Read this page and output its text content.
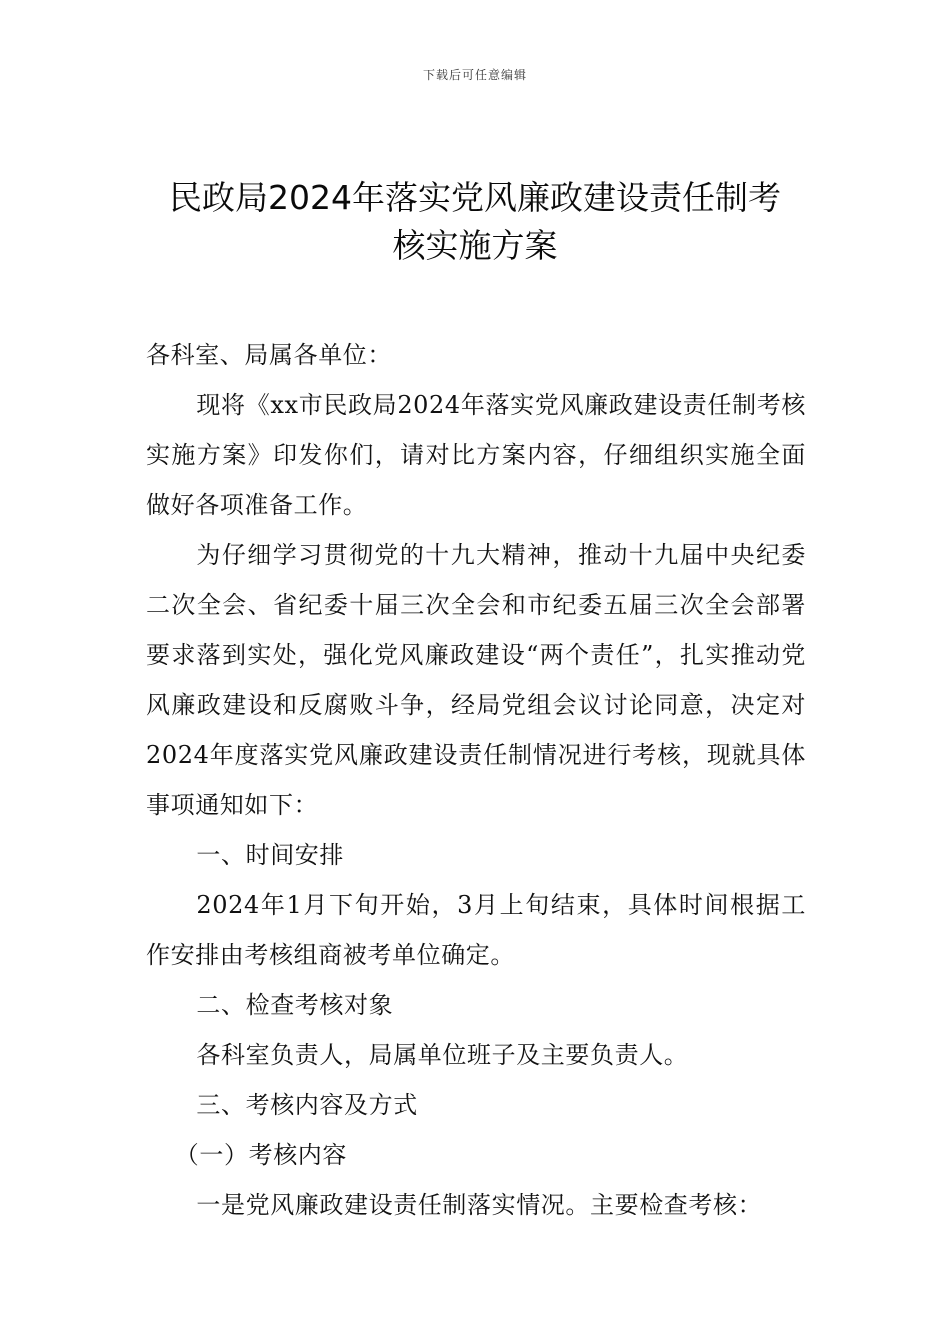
下载后可任意编辑
民政局2024年落实党风廉政建设责任制考
核实施方案

各科室、局属各单位：

现将《xx市民政局2024年落实党风廉政建设责任制考核实施方案》印发你们，请对比方案内容，仔细组织实施全面做好各项准备工作。

为仔细学习贯彻党的十九大精神，推动十九届中央纪委二次全会、省纪委十届三次全会和市纪委五届三次全会部署要求落到实处，强化党风廉政建设“两个责任”，扎实推动党风廉政建设和反腐败斗争，经局党组会议讨论同意，决定对2024年度落实党风廉政建设责任制情况进行考核，现就具体事项通知如下：

一、时间安排

2024年1月下旬开始，3月上旬结束，具体时间根据工作安排由考核组商被考单位确定。

二、检查考核对象

各科室负责人，局属单位班子及主要负责人。

三、考核内容及方式

（一）考核内容

一是党风廉政建设责任制落实情况。主要检查考核：
